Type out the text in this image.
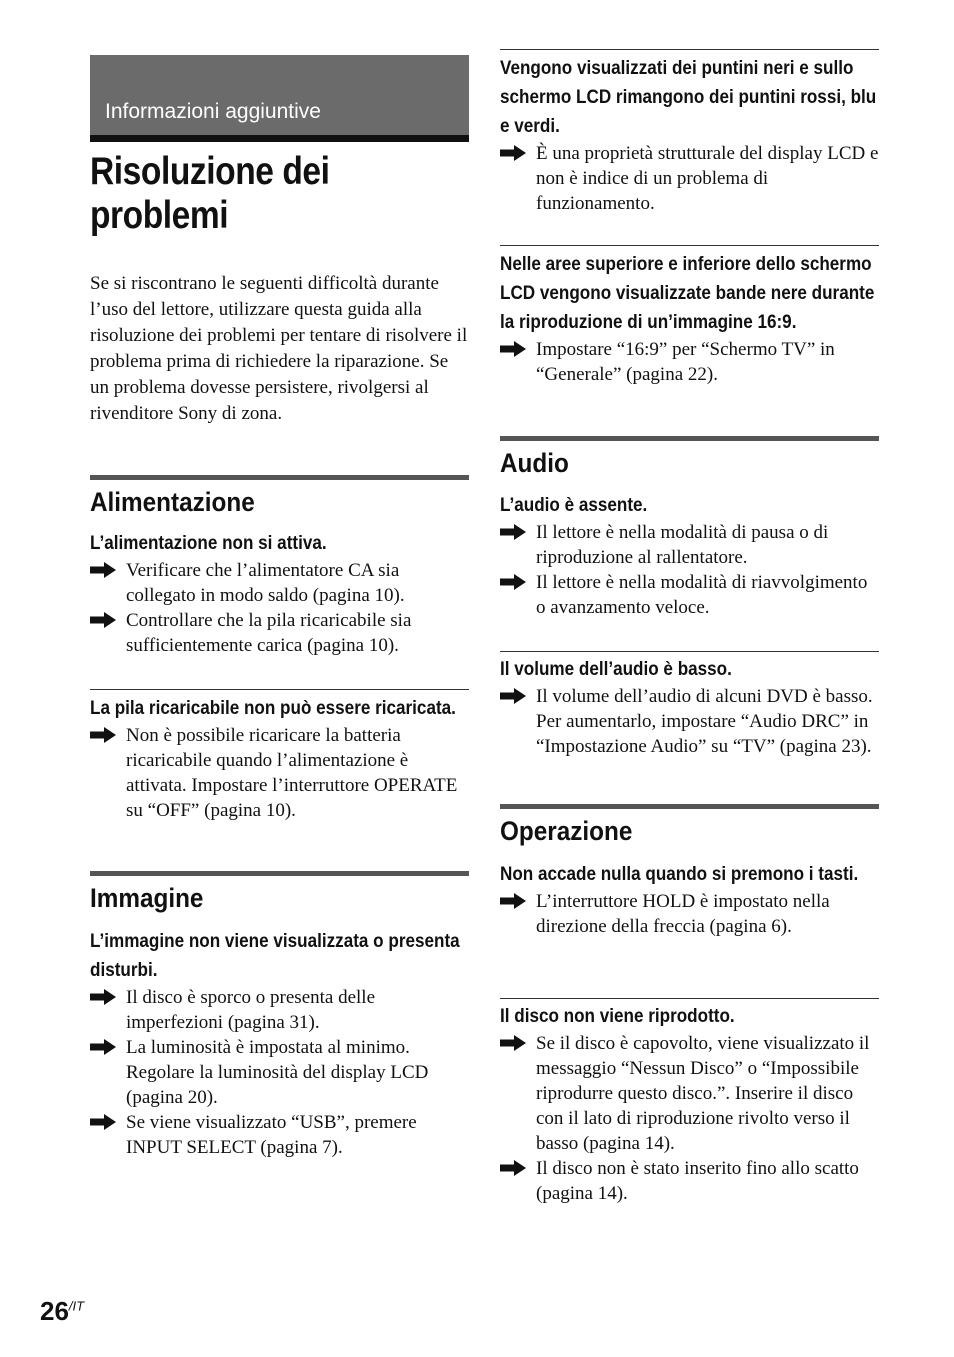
Informazioni aggiuntive
Risoluzione dei
problemi

Se si riscontrano le seguenti difficoltà durante l’uso del lettore, utilizzare questa guida alla risoluzione dei problemi per tentare di risolvere il problema prima di richiedere la riparazione. Se un problema dovesse persistere, rivolgersi al rivenditore Sony di zona.

Alimentazione

L’alimentazione non si attiva.

Verificare che l’alimentatore CA sia collegato in modo saldo (pagina 10).
Controllare che la pila ricaricabile sia sufficientemente carica (pagina 10).

La pila ricaricabile non può essere ricaricata.

Non è possibile ricaricare la batteria ricaricabile quando l’alimentazione è attivata. Impostare l’interruttore OPERATE su “OFF” (pagina 10).
Immagine

L’immagine non viene visualizzata o presenta disturbi.

Il disco è sporco o presenta delle imperfezioni (pagina 31).
La luminosità è impostata al minimo. Regolare la luminosità del display LCD (pagina 20).
Se viene visualizzato “USB”, premere INPUT SELECT (pagina 7).
$26^{/IT}$

Vengono visualizzati dei puntini neri e sullo schermo LCD rimangono dei puntini rossi, blu e verdi.

È una proprietà strutturale del display LCD e non è indice di un problema di funzionamento.

Nelle aree superiore e inferiore dello schermo LCD vengono visualizzate bande nere durante la riproduzione di un’immagine 16:9.

Impostare “16:9” per “Schermo TV” in “Generale” (pagina 22).
Audio

L’audio è assente.

Il lettore è nella modalità di pausa o di riproduzione al rallentatore.
Il lettore è nella modalità di riavvolgimento o avanzamento veloce.

Il volume dell’audio è basso.

Il volume dell’audio di alcuni DVD è basso. Per aumentarlo, impostare “Audio DRC” in “Impostazione Audio” su “TV” (pagina 23).
Operazione

Non accade nulla quando si premono i tasti.

L’interruttore HOLD è impostato nella direzione della freccia (pagina 6).

Il disco non viene riprodotto.

Se il disco è capovolto, viene visualizzato il messaggio “Nessun Disco” o “Impossibile riprodurre questo disco.”. Inserire il disco con il lato di riproduzione rivolto verso il basso (pagina 14).
Il disco non è stato inserito fino allo scatto (pagina 14).
